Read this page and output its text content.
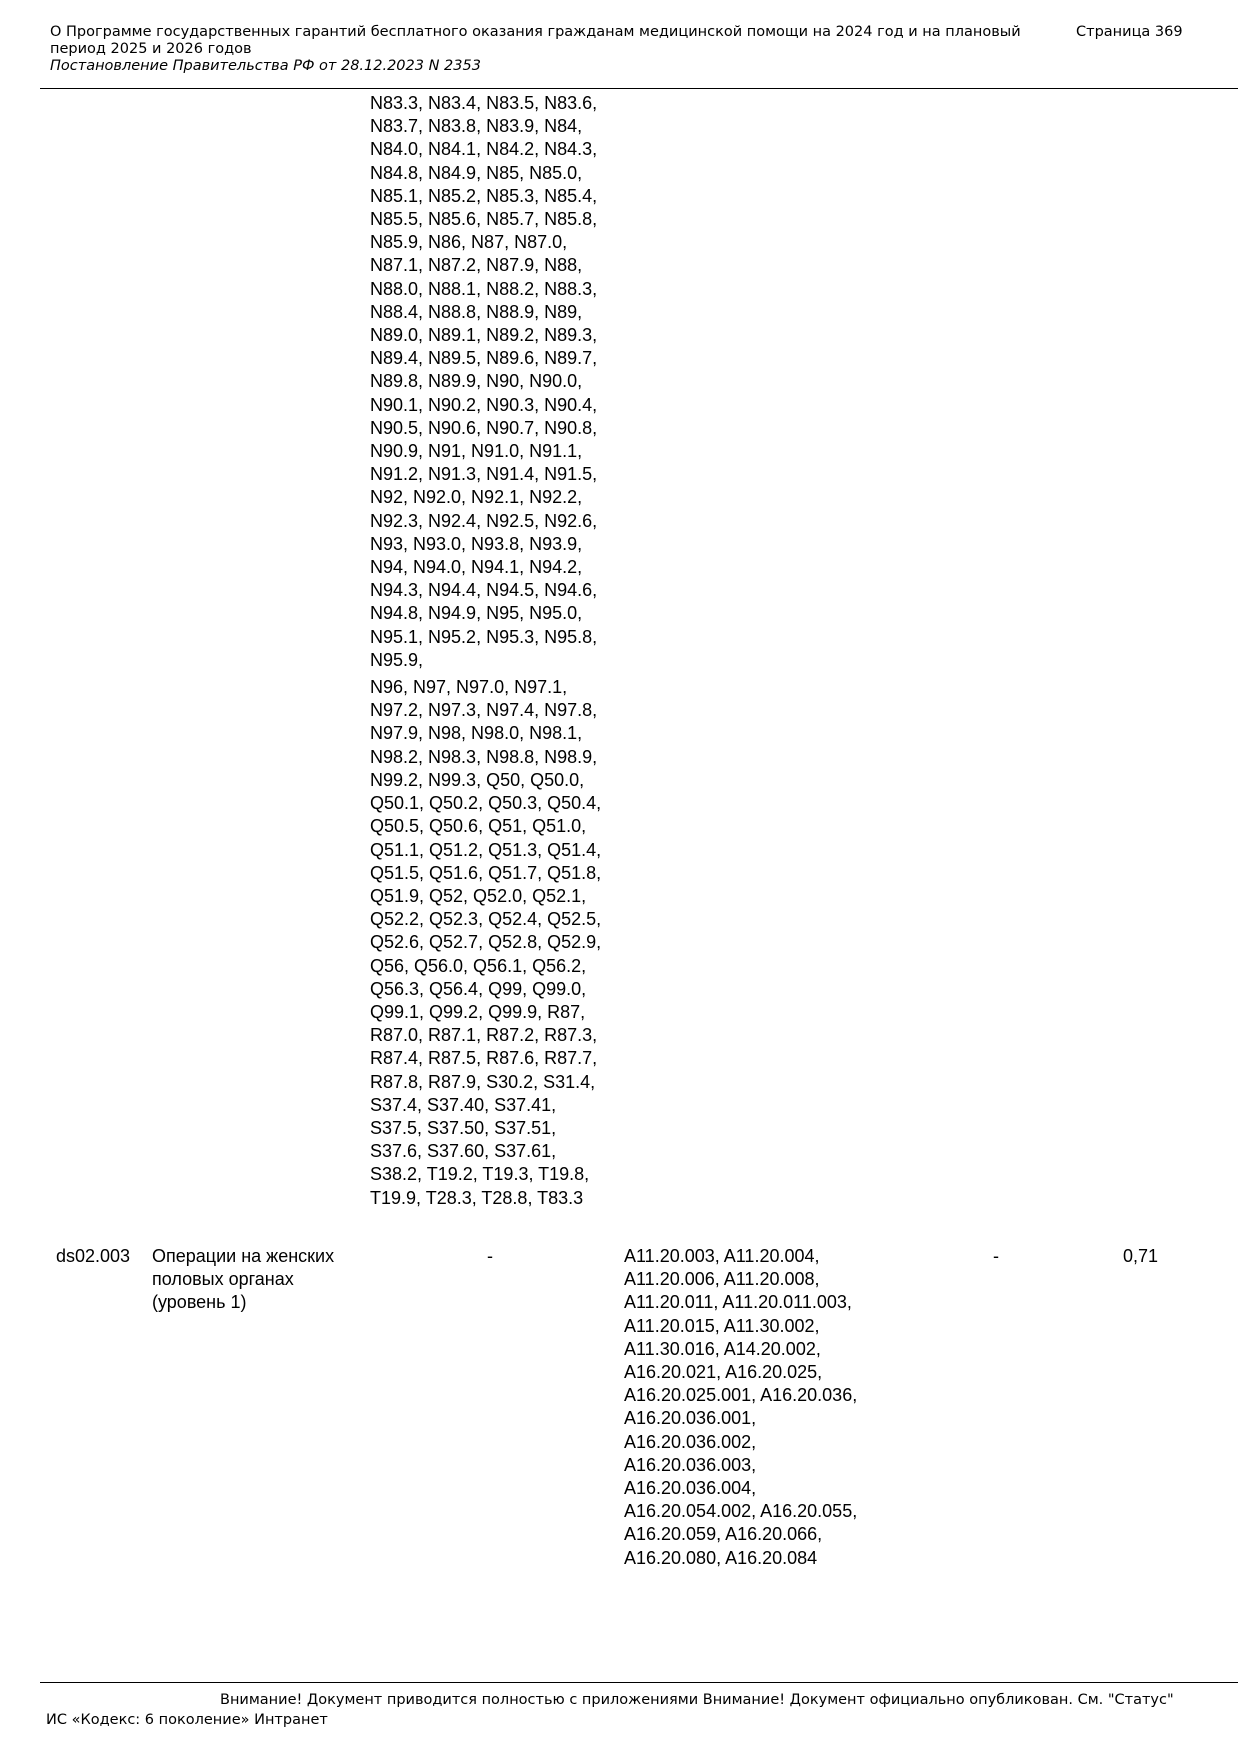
О Программе государственных гарантий бесплатного оказания гражданам медицинской помощи на 2024 год и на плановый период 2025 и 2026 годов
Постановление Правительства РФ от 28.12.2023 N 2353
Страница 369
N83.3, N83.4, N83.5, N83.6,
N83.7, N83.8, N83.9, N84,
N84.0, N84.1, N84.2, N84.3,
N84.8, N84.9, N85, N85.0,
N85.1, N85.2, N85.3, N85.4,
N85.5, N85.6, N85.7, N85.8,
N85.9, N86, N87, N87.0,
N87.1, N87.2, N87.9, N88,
N88.0, N88.1, N88.2, N88.3,
N88.4, N88.8, N88.9, N89,
N89.0, N89.1, N89.2, N89.3,
N89.4, N89.5, N89.6, N89.7,
N89.8, N89.9, N90, N90.0,
N90.1, N90.2, N90.3, N90.4,
N90.5, N90.6, N90.7, N90.8,
N90.9, N91, N91.0, N91.1,
N91.2, N91.3, N91.4, N91.5,
N92, N92.0, N92.1, N92.2,
N92.3, N92.4, N92.5, N92.6,
N93, N93.0, N93.8, N93.9,
N94, N94.0, N94.1, N94.2,
N94.3, N94.4, N94.5, N94.6,
N94.8, N94.9, N95, N95.0,
N95.1, N95.2, N95.3, N95.8,
N95.9,
N96, N97, N97.0, N97.1,
N97.2, N97.3, N97.4, N97.8,
N97.9, N98, N98.0, N98.1,
N98.2, N98.3, N98.8, N98.9,
N99.2, N99.3, Q50, Q50.0,
Q50.1, Q50.2, Q50.3, Q50.4,
Q50.5, Q50.6, Q51, Q51.0,
Q51.1, Q51.2, Q51.3, Q51.4,
Q51.5, Q51.6, Q51.7, Q51.8,
Q51.9, Q52, Q52.0, Q52.1,
Q52.2, Q52.3, Q52.4, Q52.5,
Q52.6, Q52.7, Q52.8, Q52.9,
Q56, Q56.0, Q56.1, Q56.2,
Q56.3, Q56.4, Q99, Q99.0,
Q99.1, Q99.2, Q99.9, R87,
R87.0, R87.1, R87.2, R87.3,
R87.4, R87.5, R87.6, R87.7,
R87.8, R87.9, S30.2, S31.4,
S37.4, S37.40, S37.41,
S37.5, S37.50, S37.51,
S37.6, S37.60, S37.61,
S38.2, T19.2, T19.3, T19.8,
T19.9, T28.3, T28.8, T83.3
ds02.003 Операции на женских
половых органах
(уровень 1)
-	A11.20.003, A11.20.004,
A11.20.006, A11.20.008,
A11.20.011, A11.20.011.003,
A11.20.015, A11.30.002,
A11.30.016, A14.20.002,
A16.20.021, A16.20.025,
A16.20.025.001, A16.20.036,
A16.20.036.001,
A16.20.036.002,
A16.20.036.003,
A16.20.036.004,
A16.20.054.002, A16.20.055,
A16.20.059, A16.20.066,
A16.20.080, A16.20.084
-	0,71
Внимание! Документ приводится полностью с приложениями Внимание! Документ официально опубликован. См. "Статус"
ИС «Кодекс: 6 поколение» Интранет
